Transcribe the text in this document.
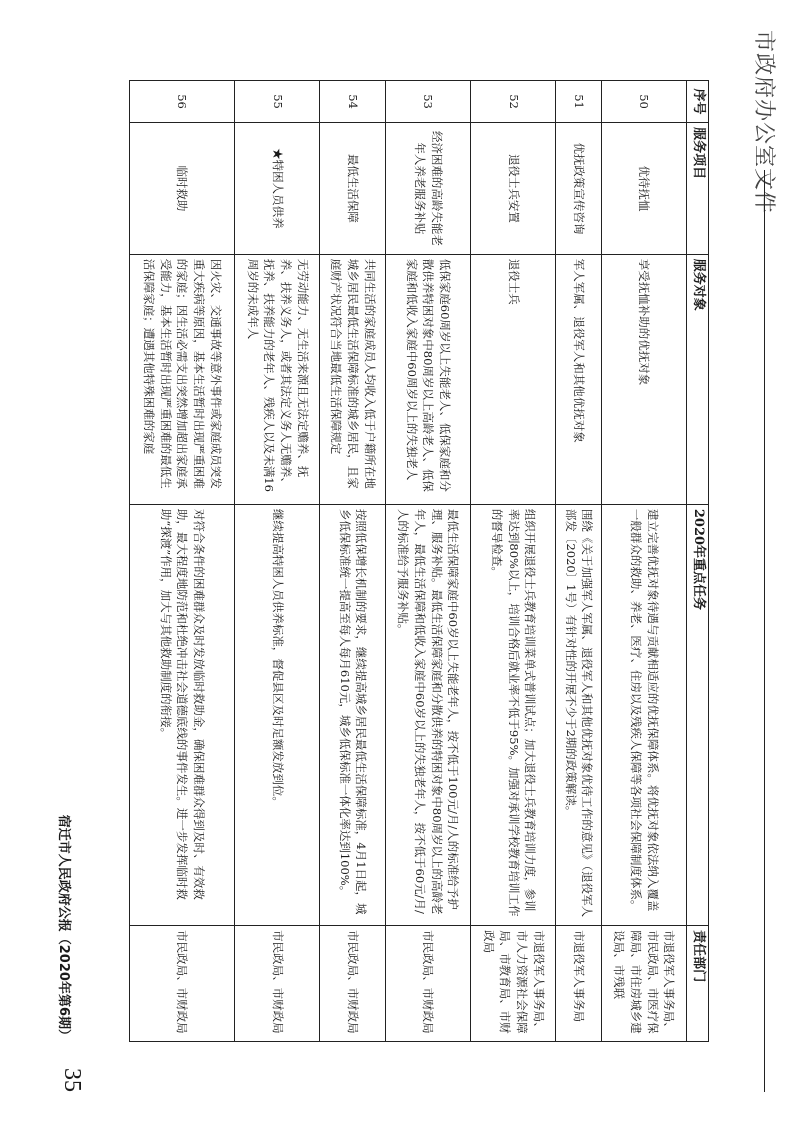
市政府办公室文件
序号	服务项目	服务对象	2020年重点任务	责任部门
50	优待抚恤	享受抚恤补助的优抚对象	建立完善优抚对象待遇与贡献相适应的优抚保障体系。将优抚对象依法纳入覆盖一般群众的救助、养老、医疗、住房以及残疾人保障等各项社会保障制度体系。	市退役军人事务局、市民政局、市医疗保障局、市住房城乡建设局、市残联
51	优抚政策宣传咨询	军人军属、退役军人和其他优抚对象	围绕《关于加强军人军属、退役军人和其他优抚对象优待工作的意见》（退役军人部发〔2020〕1号）有针对性的开展不少于2期的政策解读。	市退役军人事务局
52	退役士兵安置	退役士兵	组织开展退役士兵教育培训菜单式普训试点；加大退役士兵教育培训力度，参训率达到80%以上，培训合格后就业率不低于95%。加强对承训学校教育培训工作的督导检查。	市退役军人事务局、市人力资源社会保障局、市教育局、市财政局
53	经济困难的高龄失能老年人养老服务补贴	低保家庭60周岁以上失能老人、低保家庭和分散供养特困对象中80周岁以上高龄老人、低保家庭和低收入家庭中60周岁以上的失独老人	最低生活保障家庭中60岁以上失能老年人，按不低于100元/月/人的标准给予护理、服务补贴。最低生活保障家庭和分散供养的特困对象中80周岁以上的高龄老年人，最低生活保障和低收入家庭中60岁以上的失独老年人，按不低于60元/月/人的标准给予服务补贴。	市民政局、市财政局
54	最低生活保障	共同生活的家庭成员人均收入低于户籍所在地城乡居民最低生活保障标准的城乡居民，且家庭财产状况符合当地最低生活保障规定	按照低保增长机制的要求，继续提高城乡居民最低生活保障标准，4月1日起，城乡低保标准统一提高至每人每月610元，城乡低保标准一体化率达到100%。	市民政局、市财政局
55	★特困人员供养	无劳动能力、无生活来源且无法定赡养、抚养、扶养义务人，或者其法定义务人无赡养、抚养、扶养能力的老年人、残疾人以及未满16周岁的未成年人	继续提高特困人员供养标准，督促县区及时足额发放到位。	市民政局、市财政局
56	临时救助	因火灾、交通事故等意外事件或家庭成员突发重大疾病等原因，基本生活暂时出现严重困难的家庭；因生活必需支出突然增加超出家庭承受能力，基本生活暂时出现严重困难的最低生活保障家庭；遭遇其他特殊困难的家庭	对符合条件的困难群众及时发放临时救助金，确保困难群众得到及时、有效救助，最大程度地防范和杜绝冲击社会道德底线的事件发生。进一步发挥临时救助“探渡”作用，加大与其他救助制度的衔接。	市民政局、市财政局
宿迁市人民政府公报（2020年第6期）
35
